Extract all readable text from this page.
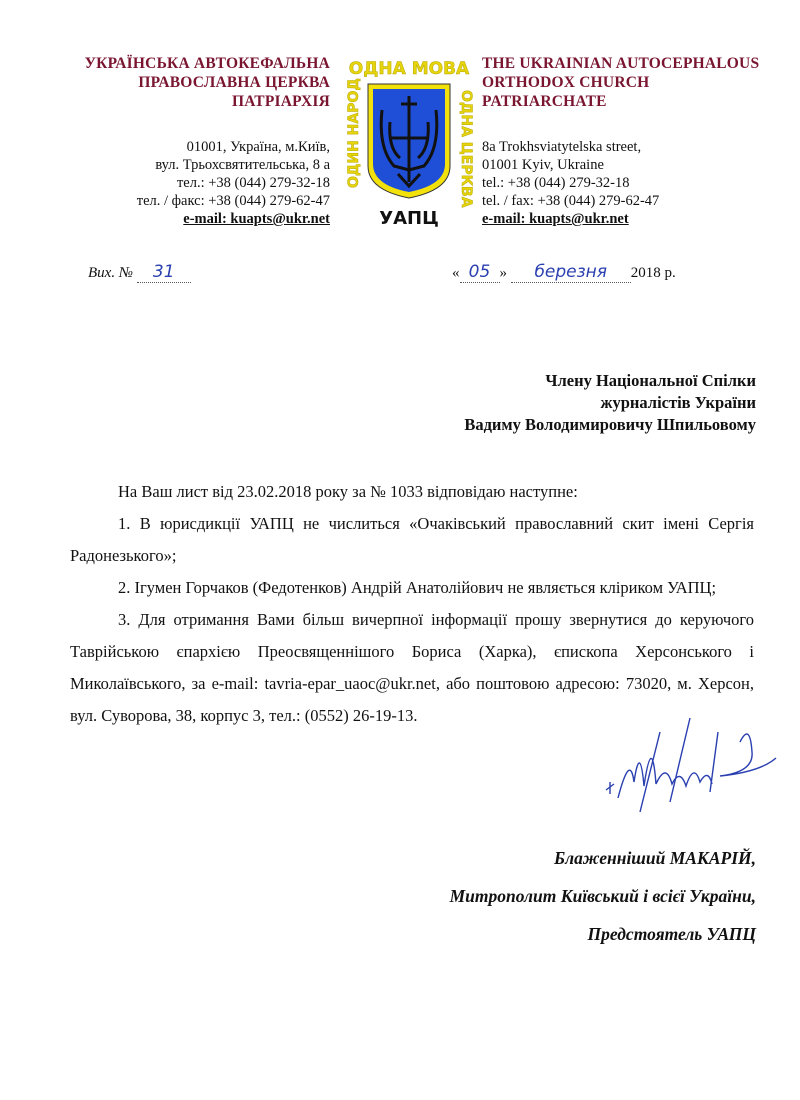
УКРАЇНСЬКА АВТОКЕФАЛЬНА
ПРАВОСЛАВНА ЦЕРКВА
ПАТРІАРХІЯ
01001, Україна, м.Київ,
вул. Трьохсвятительська, 8 а
тел.: +38 (044) 279-32-18
тел. / факс: +38 (044) 279-62-47
e-mail: kuapts@ukr.net
ОДНА МОВА
ОДИН НАРОД	ОДНА ЦЕРКВА
УАПЦ
THE UKRAINIAN AUTOCEPHALOUS
ORTHODOX CHURCH
PATRIARCHATE
8a Trokhsviatytelska street,
01001 Kyiv, Ukraine
tel.: +38 (044) 279-32-18
tel. / fax: +38 (044) 279-62-47
e-mail: kuapts@ukr.net
Вих. № 31	« 05 » березня 2018 р.
Члену Національної Спілки
журналістів України
Вадиму Володимировичу Шпильовому

На Ваш лист від 23.02.2018 року за № 1033 відповідаю наступне:

1. В юрисдикції УАПЦ не числиться «Очаківський православний скит імені Сергія Радонезького»;

2. Ігумен Горчаков (Федотенков) Андрій Анатолійович не являється кліриком УАПЦ;

3. Для отримання Вами більш вичерпної інформації прошу звернутися до керуючого Таврійською єпархією Преосвященнішого Бориса (Харка), єпископа Херсонського і Миколаївського, за e-mail: tavria-epar_uaoc@ukr.net, або поштовою адресою: 73020, м. Херсон, вул. Суворова, 38, корпус 3, тел.: (0552) 26-19-13.

Блаженніший МАКАРІЙ,
Митрополит Київський і всієї України,
Предстоятель УАПЦ
